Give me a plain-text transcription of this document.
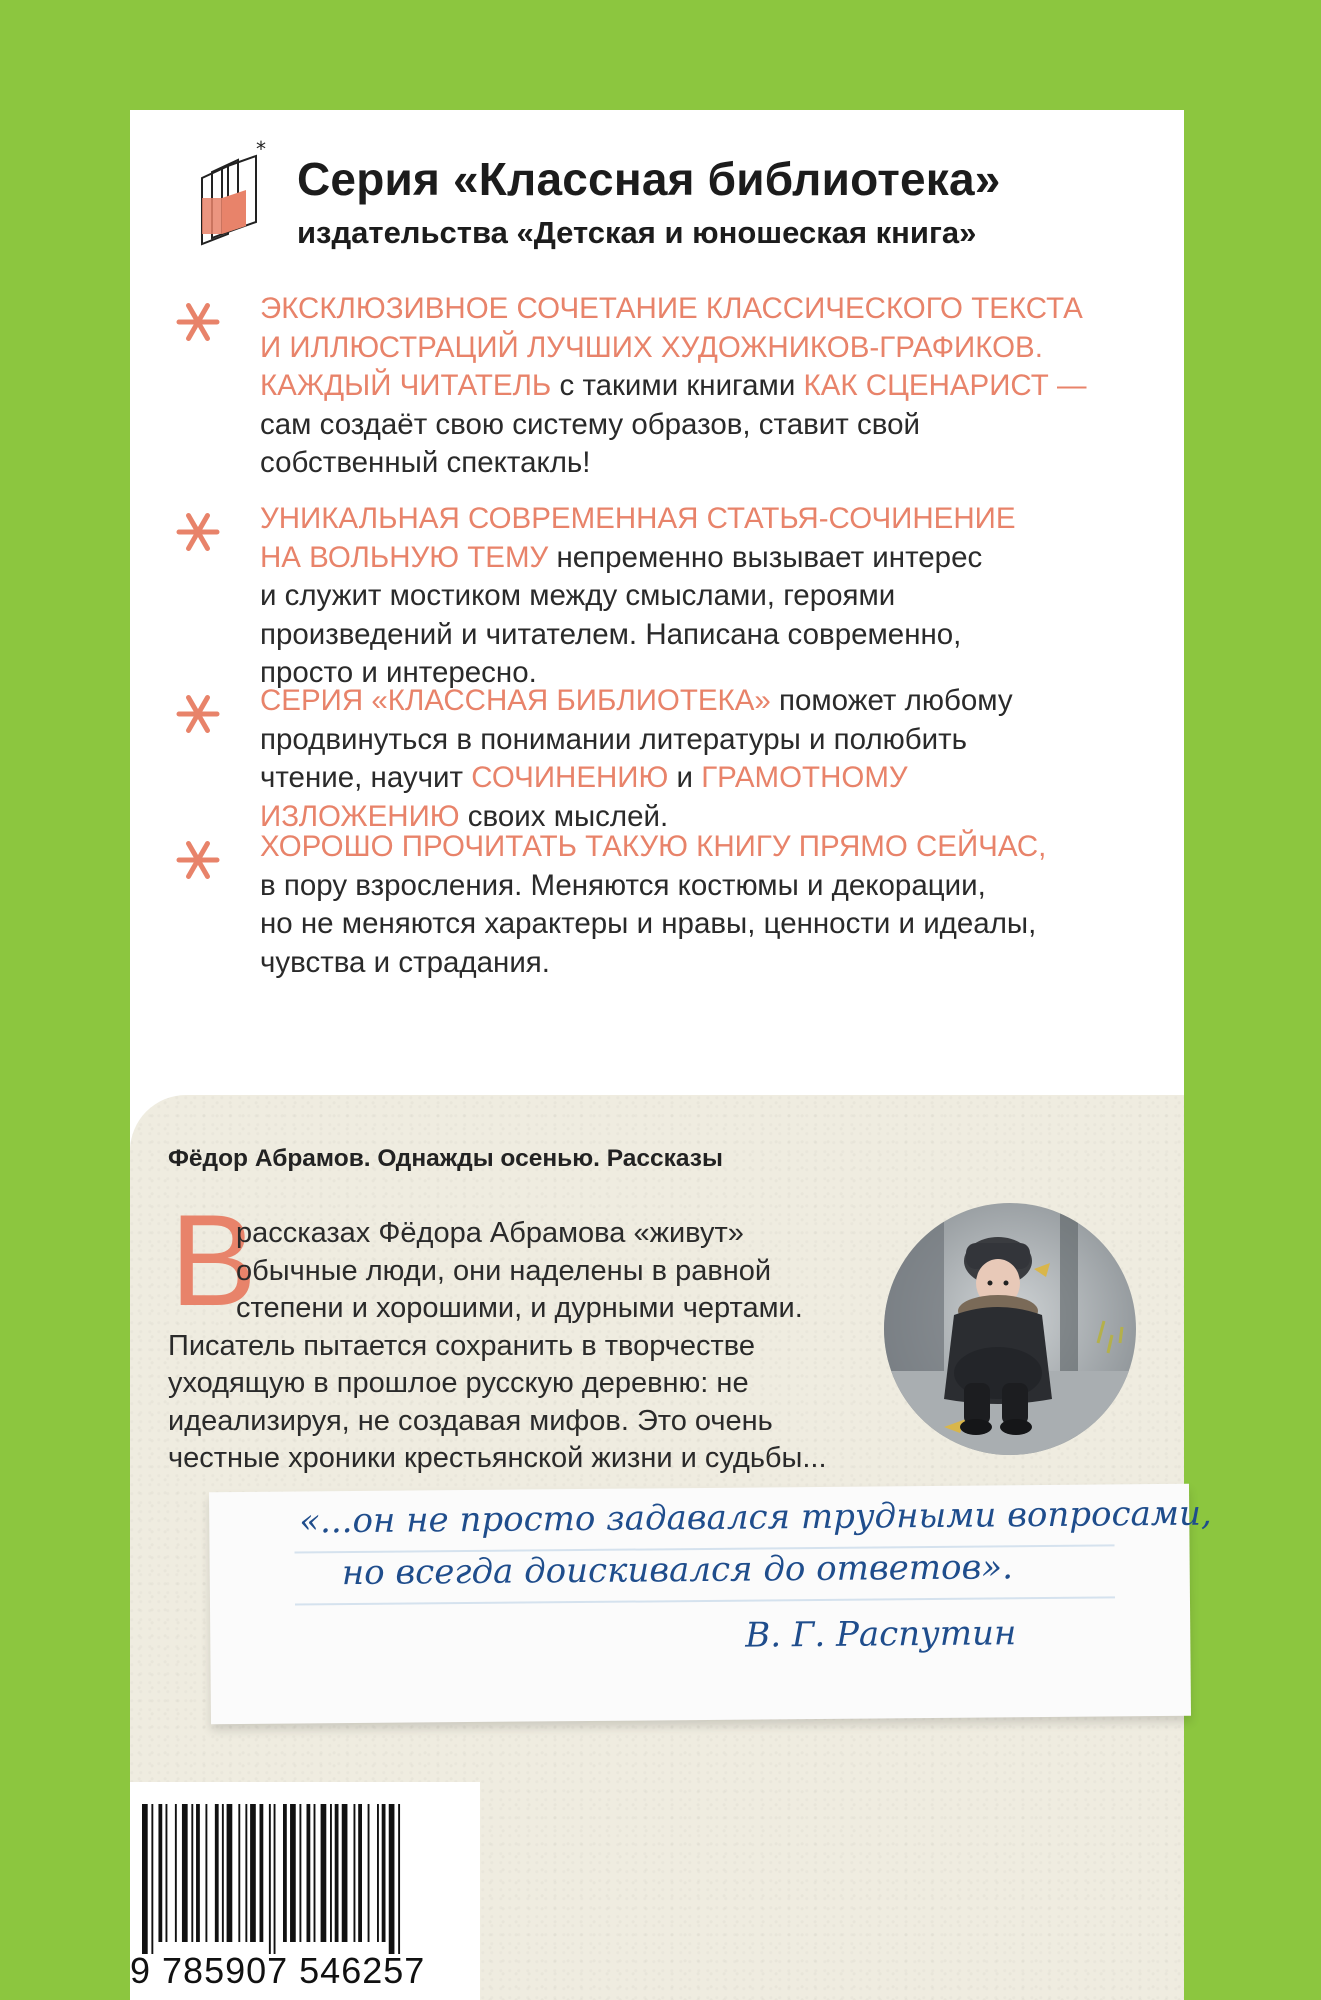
*
Серия «Классная библиотека»
издательства «Детская и юношеская книга»
ЭКСКЛЮЗИВНОЕ СОЧЕТАНИЕ КЛАССИЧЕСКОГО ТЕКСТА
И ИЛЛЮСТРАЦИЙ ЛУЧШИХ ХУДОЖНИКОВ-ГРАФИКОВ.
КАЖДЫЙ ЧИТАТЕЛЬ с такими книгами КАК СЦЕНАРИСТ —
сам создаёт свою систему образов, ставит свой
собственный спектакль!
УНИКАЛЬНАЯ СОВРЕМЕННАЯ СТАТЬЯ-СОЧИНЕНИЕ
НА ВОЛЬНУЮ ТЕМУ непременно вызывает интерес
и служит мостиком между смыслами, героями
произведений и читателем. Написана современно,
просто и интересно.
СЕРИЯ «КЛАССНАЯ БИБЛИОТЕКА» поможет любому
продвинуться в понимании литературы и полюбить
чтение, научит СОЧИНЕНИЮ и ГРАМОТНОМУ
ИЗЛОЖЕНИЮ своих мыслей.
ХОРОШО ПРОЧИТАТЬ ТАКУЮ КНИГУ ПРЯМО СЕЙЧАС,
в пору взросления. Меняются костюмы и декорации,
но не меняются характеры и нравы, ценности и идеалы,
чувства и страдания.
Фёдор Абрамов. Однажды осенью. Рассказы
В
рассказах Фёдора Абрамова «живут»
обычные люди, они наделены в равной
степени и хорошими, и дурными чертами.
Писатель пытается сохранить в творчестве
уходящую в прошлое русскую деревню: не
идеализируя, не создавая мифов. Это очень
честные хроники крестьянской жизни и судьбы...
«...он не просто задавался трудными вопросами,
но всегда доискивался до ответов».
В. Г. Распутин
9 785907 546257
